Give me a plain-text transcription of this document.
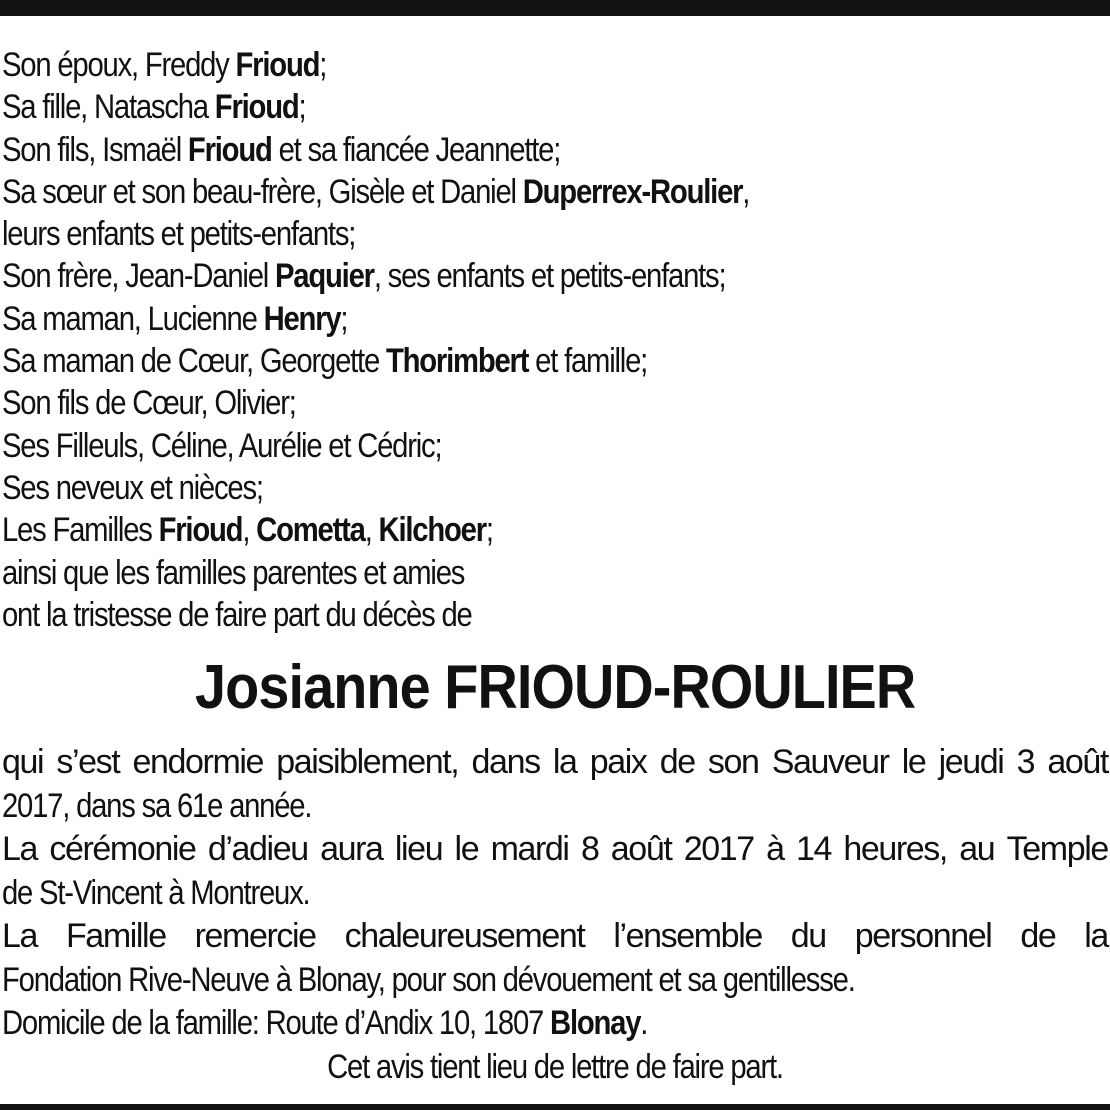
Son époux, Freddy Frioud;
Sa fille, Natascha Frioud;
Son fils, Ismaël Frioud et sa fiancée Jeannette;
Sa sœur et son beau-frère, Gisèle et Daniel Duperrex-Roulier,
leurs enfants et petits-enfants;
Son frère, Jean-Daniel Paquier, ses enfants et petits-enfants;
Sa maman, Lucienne Henry;
Sa maman de Cœur, Georgette Thorimbert et famille;
Son fils de Cœur, Olivier;
Ses Filleuls, Céline, Aurélie et Cédric;
Ses neveux et nièces;
Les Familles Frioud, Cometta, Kilchoer;
ainsi que les familles parentes et amies
ont la tristesse de faire part du décès de
Josianne FRIOUD-ROULIER
qui s’est endormie paisiblement, dans la paix de son Sauveur le jeudi 3 août
2017, dans sa 61e année.
La cérémonie d’adieu aura lieu le mardi 8 août 2017 à 14 heures, au Temple
de St-Vincent à Montreux.
La Famille remercie chaleureusement l’ensemble du personnel de la
Fondation Rive-Neuve à Blonay, pour son dévouement et sa gentillesse.
Domicile de la famille: Route d’Andix 10, 1807 Blonay.
Cet avis tient lieu de lettre de faire part.
